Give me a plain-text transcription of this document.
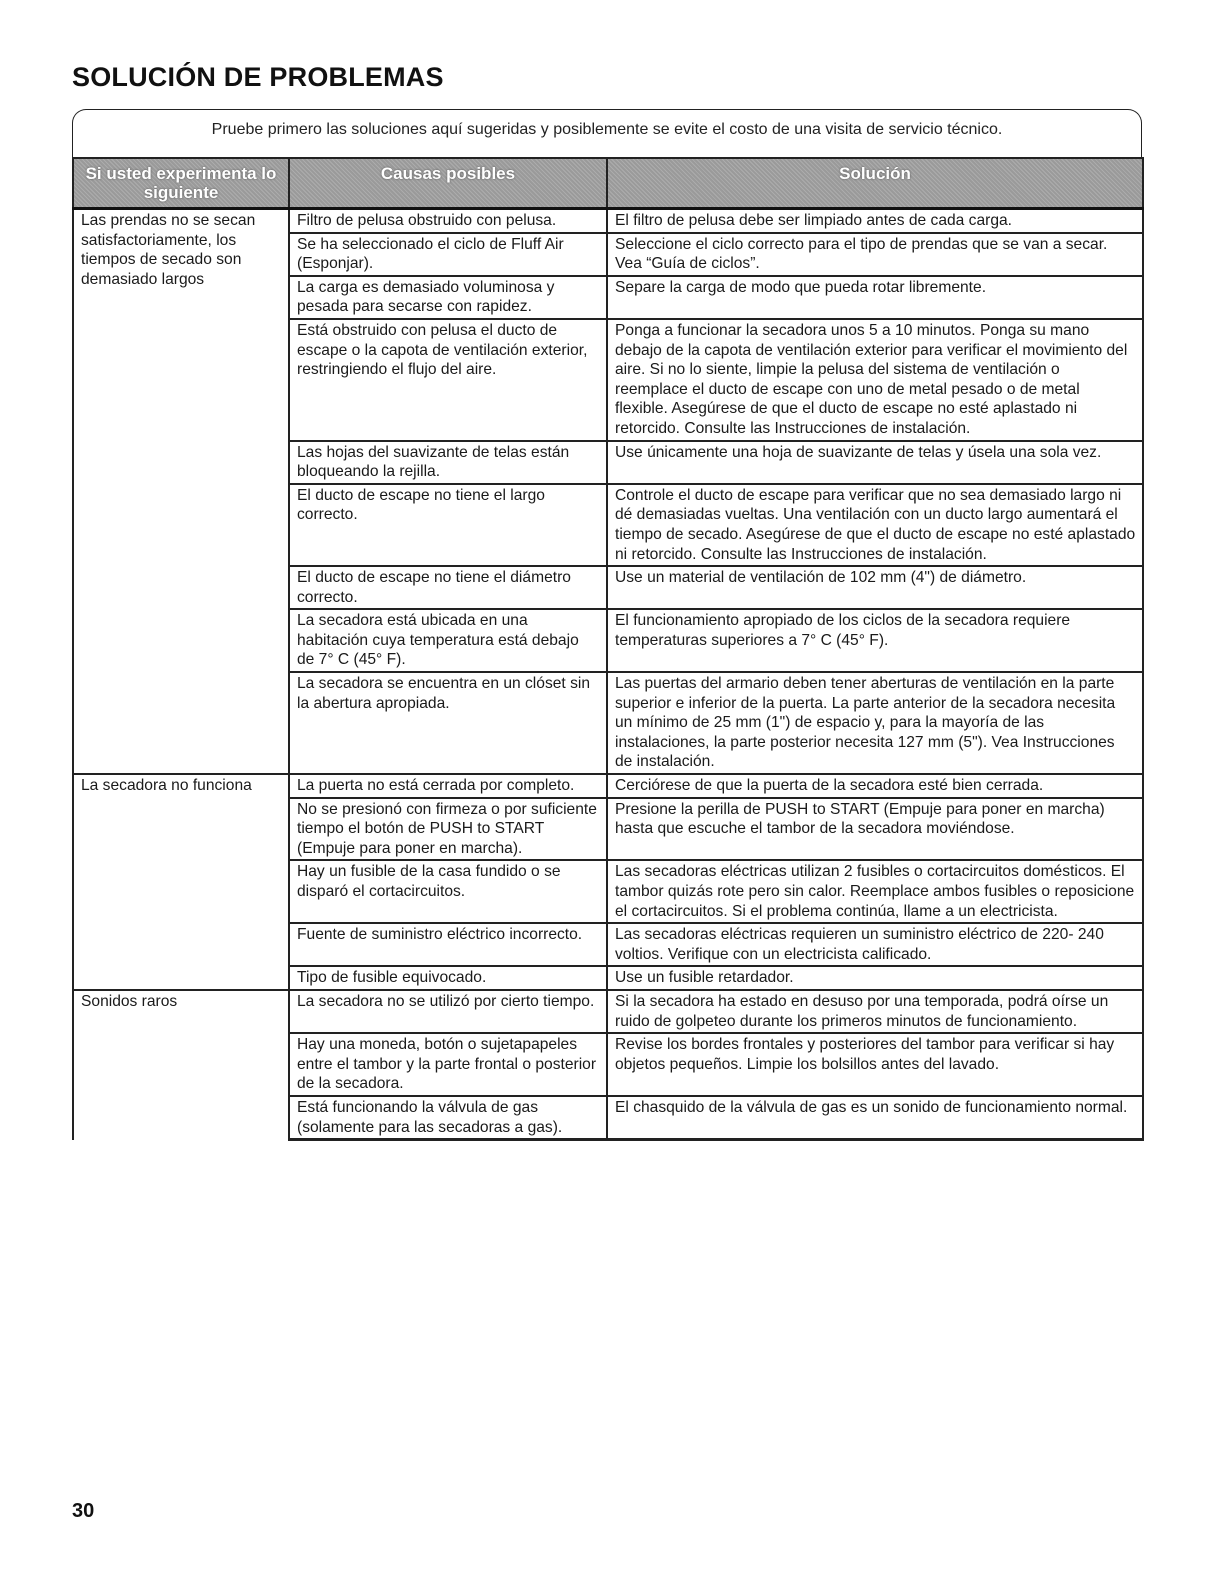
SOLUCIÓN DE PROBLEMAS
Pruebe primero las soluciones aquí sugeridas y posiblemente se evite el costo de una visita de servicio técnico.
Si usted experimenta lo siguiente	Causas posibles	Solución

Las prendas no se secan satisfactoriamente, los tiempos de secado son demasiado largos	Filtro de pelusa obstruido con pelusa.	El filtro de pelusa debe ser limpiado antes de cada carga.
	Se ha seleccionado el ciclo de Fluff Air (Esponjar).	Seleccione el ciclo correcto para el tipo de prendas que se van a secar. Vea “Guía de ciclos”.
	La carga es demasiado voluminosa y pesada para secarse con rapidez.	Separe la carga de modo que pueda rotar libremente.
	Está obstruido con pelusa el ducto de escape o la capota de ventilación exterior, restringiendo el flujo del aire.	Ponga a funcionar la secadora unos 5 a 10 minutos. Ponga su mano debajo de la capota de ventilación exterior para verificar el movimiento del aire. Si no lo siente, limpie la pelusa del sistema de ventilación o reemplace el ducto de escape con uno de metal pesado o de metal flexible. Asegúrese de que el ducto de escape no esté aplastado ni retorcido. Consulte las Instrucciones de instalación.
	Las hojas del suavizante de telas están bloqueando la rejilla.	Use únicamente una hoja de suavizante de telas y úsela una sola vez.
	El ducto de escape no tiene el largo correcto.	Controle el ducto de escape para verificar que no sea demasiado largo ni dé demasiadas vueltas. Una ventilación con un ducto largo aumentará el tiempo de secado. Asegúrese de que el ducto de escape no esté aplastado ni retorcido. Consulte las Instrucciones de instalación.
	El ducto de escape no tiene el diámetro correcto.	Use un material de ventilación de 102 mm (4") de diámetro.
	La secadora está ubicada en una habitación cuya temperatura está debajo de 7° C (45° F).	El funcionamiento apropiado de los ciclos de la secadora requiere temperaturas superiores a 7° C (45° F).
	La secadora se encuentra en un clóset sin la abertura apropiada.	Las puertas del armario deben tener aberturas de ventilación en la parte superior e inferior de la puerta. La parte anterior de la secadora necesita un mínimo de 25 mm (1") de espacio y, para la mayoría de las instalaciones, la parte posterior necesita 127 mm (5"). Vea Instrucciones de instalación.
La secadora no funciona	La puerta no está cerrada por completo.	Cerciórese de que la puerta de la secadora esté bien cerrada.
	No se presionó con firmeza o por suficiente tiempo el botón de PUSH to START (Empuje para poner en marcha).	Presione la perilla de PUSH to START (Empuje para poner en marcha) hasta que escuche el tambor de la secadora moviéndose.
	Hay un fusible de la casa fundido o se disparó el cortacircuitos.	Las secadoras eléctricas utilizan 2 fusibles o cortacircuitos domésticos. El tambor quizás rote pero sin calor. Reemplace ambos fusibles o reposicione el cortacircuitos. Si el problema continúa, llame a un electricista.
	Fuente de suministro eléctrico incorrecto.	Las secadoras eléctricas requieren un suministro eléctrico de 220- 240 voltios. Verifique con un electricista calificado.
	Tipo de fusible equivocado.	Use un fusible retardador.
Sonidos raros	La secadora no se utilizó por cierto tiempo.	Si la secadora ha estado en desuso por una temporada, podrá oírse un ruido de golpeteo durante los primeros minutos de funcionamiento.
	Hay una moneda, botón o sujetapapeles entre el tambor y la parte frontal o posterior de la secadora.	Revise los bordes frontales y posteriores del tambor para verificar si hay objetos pequeños. Limpie los bolsillos antes del lavado.
	Está funcionando la válvula de gas (solamente para las secadoras a gas).	El chasquido de la válvula de gas es un sonido de funcionamiento normal.
30
